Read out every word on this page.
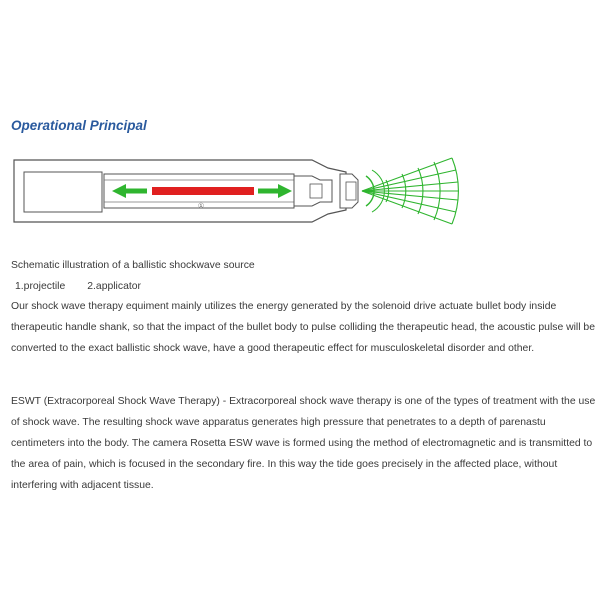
Operational Principal
①

Schematic illustration of a ballistic shockwave source

1.projectile 2.applicator

Our shock wave therapy equiment mainly utilizes the energy generated by the solenoid drive actuate bullet body inside therapeutic handle shank, so that the impact of the bullet body to pulse colliding the therapeutic head, the acoustic pulse will be converted to the exact ballistic shock wave, have a good therapeutic effect for musculoskeletal disorder and other.

ESWT (Extracorporeal Shock Wave Therapy) - Extracorporeal shock wave therapy is one of the types of treatment with the use of shock wave. The resulting shock wave apparatus generates high pressure that penetrates to a depth of parenastu centimeters into the body. The camera Rosetta ESW wave is formed using the method of electromagnetic and is transmitted to the area of pain, which is focused in the secondary fire. In this way the tide goes precisely in the affected place, without interfering with adjacent tissue.
